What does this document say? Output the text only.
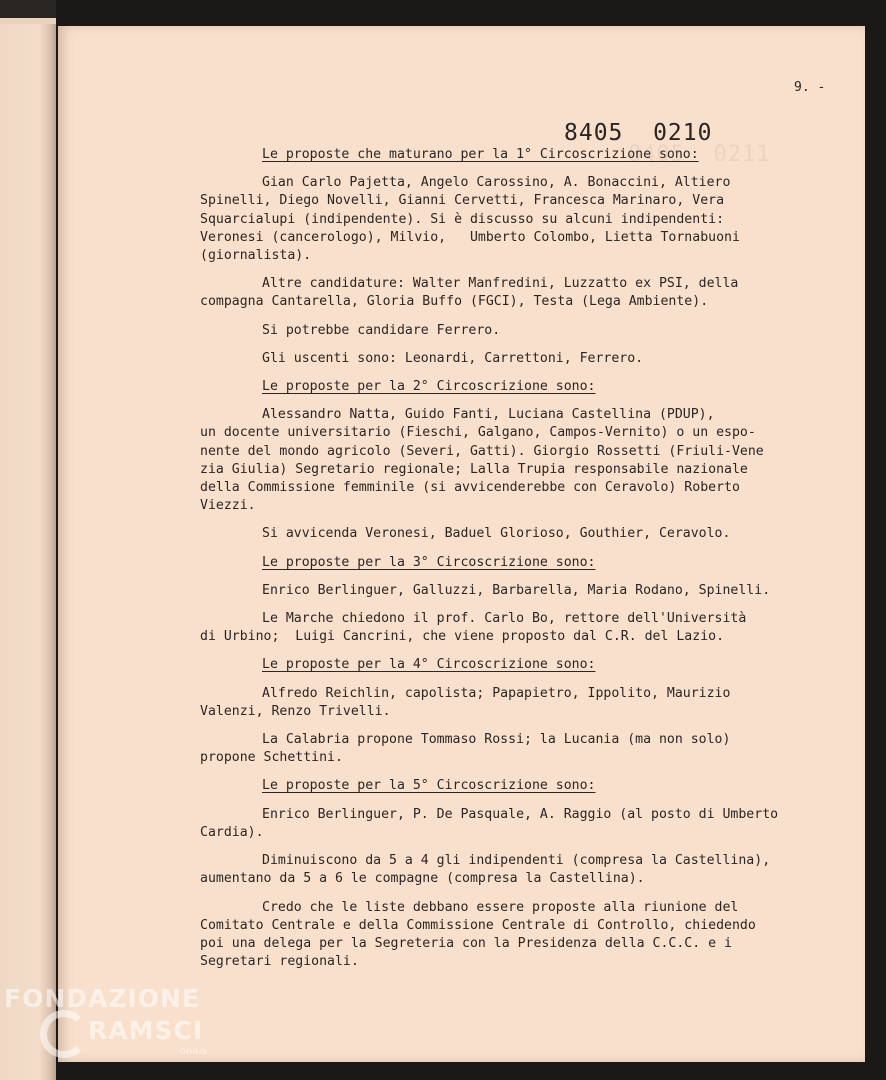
9. -
8405  0211
8405  0210
Le proposte che maturano per la 1° Circoscrizione sono:
Gian Carlo Pajetta, Angelo Carossino, A. Bonaccini, Altiero
Spinelli, Diego Novelli, Gianni Cervetti, Francesca Marinaro, Vera
Squarcialupi (indipendente). Si è discusso su alcuni indipendenti:
Veronesi (cancerologo), Milvio,   Umberto Colombo, Lietta Tornabuoni
(giornalista).
Altre candidature: Walter Manfredini, Luzzatto ex PSI, della
compagna Cantarella, Gloria Buffo (FGCI), Testa (Lega Ambiente).
Si potrebbe candidare Ferrero.
Gli uscenti sono: Leonardi, Carrettoni, Ferrero.
Le proposte per la 2° Circoscrizione sono:
Alessandro Natta, Guido Fanti, Luciana Castellina (PDUP),
un docente universitario (Fieschi, Galgano, Campos-Vernito) o un espo-
nente del mondo agricolo (Severi, Gatti). Giorgio Rossetti (Friuli-Vene
zia Giulia) Segretario regionale; Lalla Trupia responsabile nazionale
della Commissione femminile (si avvicenderebbe con Ceravolo) Roberto
Viezzi.
Si avvicenda Veronesi, Baduel Glorioso, Gouthier, Ceravolo.
Le proposte per la 3° Circoscrizione sono:
Enrico Berlinguer, Galluzzi, Barbarella, Maria Rodano, Spinelli.
Le Marche chiedono il prof. Carlo Bo, rettore dell'Università
di Urbino;  Luigi Cancrini, che viene proposto dal C.R. del Lazio.
Le proposte per la 4° Circoscrizione sono:
Alfredo Reichlin, capolista; Papapietro, Ippolito, Maurizio
Valenzi, Renzo Trivelli.
La Calabria propone Tommaso Rossi; la Lucania (ma non solo)
propone Schettini.
Le proposte per la 5° Circoscrizione sono:
Enrico Berlinguer, P. De Pasquale, A. Raggio (al posto di Umberto
Cardia).
Diminuiscono da 5 a 4 gli indipendenti (compresa la Castellina),
aumentano da 5 a 6 le compagne (compresa la Castellina).
Credo che le liste debbano essere proposte alla riunione del
Comitato Centrale e della Commissione Centrale di Controllo, chiedendo
poi una delega per la Segreteria con la Presidenza della C.C.C. e i
Segretari regionali.
FONDAZIONE
RAMSCI
onlus
